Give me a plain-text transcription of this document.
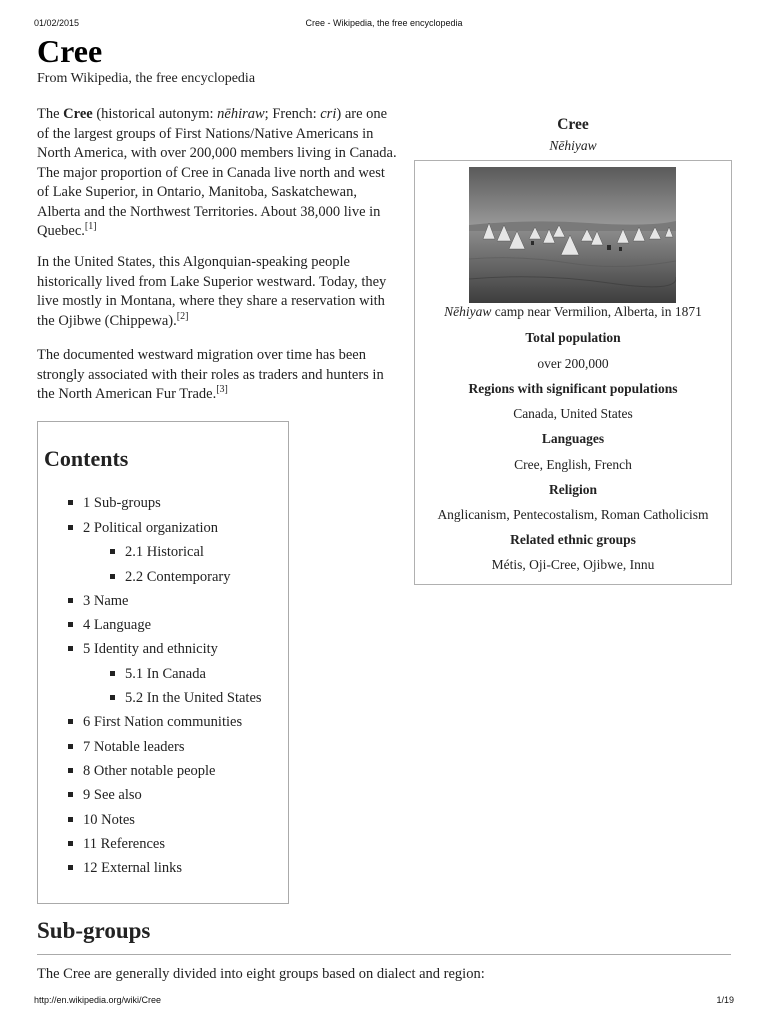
01/02/2015	Cree - Wikipedia, the free encyclopedia
http://en.wikipedia.org/wiki/Cree	1/19
Cree
From Wikipedia, the free encyclopedia

The Cree (historical autonym: nēhiraw; French: cri) are one of the largest groups of First Nations/Native Americans in North America, with over 200,000 members living in Canada. The major proportion of Cree in Canada live north and west of Lake Superior, in Ontario, Manitoba, Saskatchewan, Alberta and the Northwest Territories. About 38,000 live in Quebec.[1]

In the United States, this Algonquian-speaking people historically lived from Lake Superior westward. Today, they live mostly in Montana, where they share a reservation with the Ojibwe (Chippewa).[2]

The documented westward migration over time has been strongly associated with their roles as traders and hunters in the North American Fur Trade.[3]

Cree
Nēhiyaw
Nēhiyaw camp near Vermilion, Alberta, in 1871
Total population
over 200,000
Regions with significant populations
Canada, United States
Languages
Cree, English, French
Religion
Anglicanism, Pentecostalism, Roman Catholicism
Related ethnic groups
Métis, Oji-Cree, Ojibwe, Innu
Contents
1 Sub-groups
2 Political organization
2.1 Historical
2.2 Contemporary
3 Name
4 Language
5 Identity and ethnicity
5.1 In Canada
5.2 In the United States
6 First Nation communities
7 Notable leaders
8 Other notable people
9 See also
10 Notes
11 References
12 External links
Sub-groups
The Cree are generally divided into eight groups based on dialect and region:
